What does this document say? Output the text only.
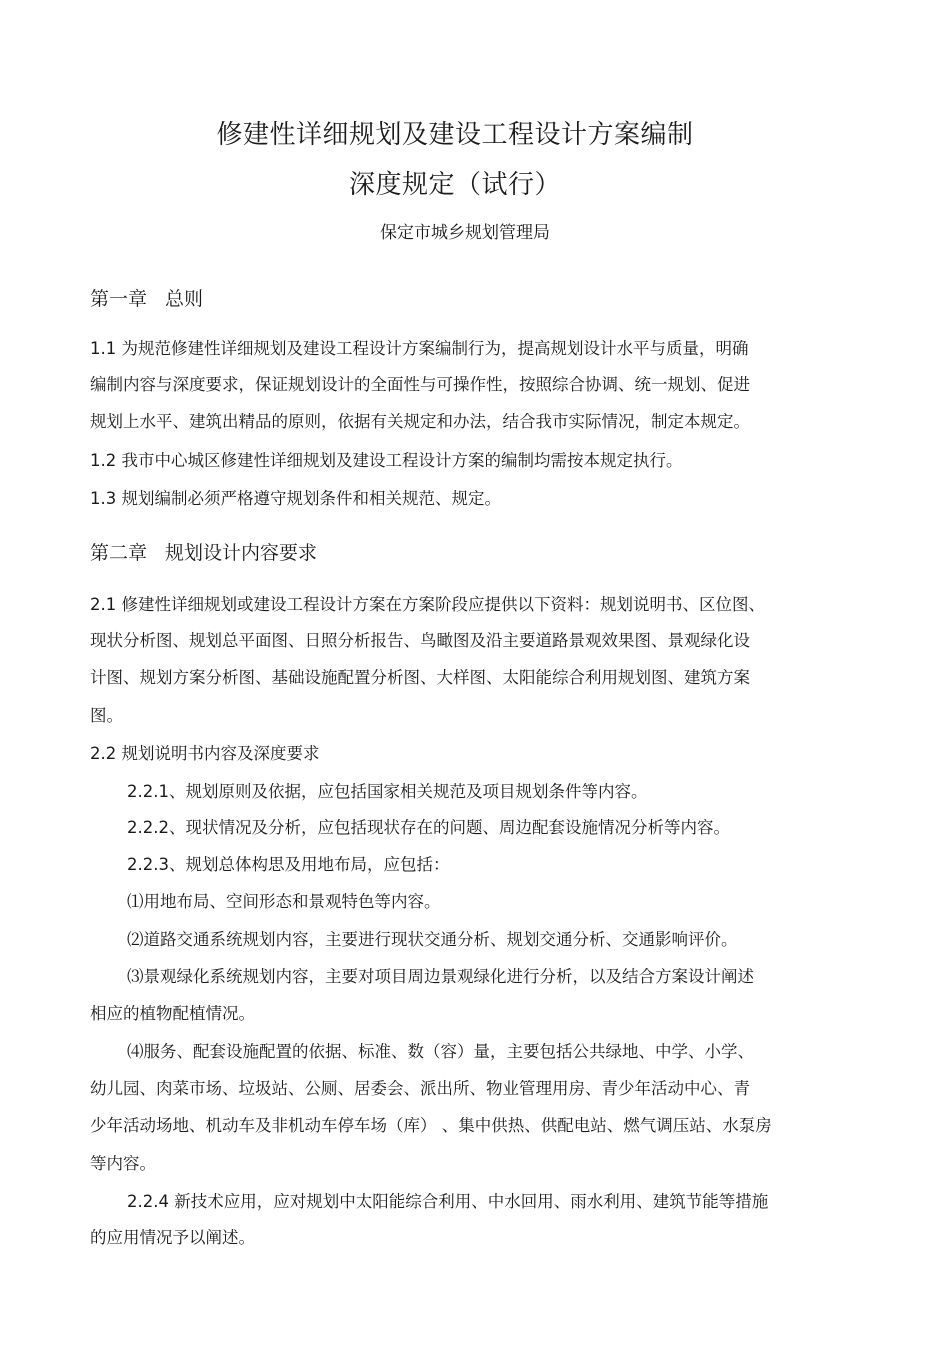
修建性详细规划及建设工程设计方案编制
深度规定（试行）
保定市城乡规划管理局
第一章 总则
1.1 为规范修建性详细规划及建设工程设计方案编制行为，提高规划设计水平与质量，明确
编制内容与深度要求，保证规划设计的全面性与可操作性，按照综合协调、统一规划、促进
规划上水平、建筑出精品的原则，依据有关规定和办法，结合我市实际情况，制定本规定。
1.2 我市中心城区修建性详细规划及建设工程设计方案的编制均需按本规定执行。
1.3 规划编制必须严格遵守规划条件和相关规范、规定。
第二章 规划设计内容要求
2.1 修建性详细规划或建设工程设计方案在方案阶段应提供以下资料：规划说明书、区位图、
现状分析图、规划总平面图、日照分析报告、鸟瞰图及沿主要道路景观效果图、景观绿化设
计图、规划方案分析图、基础设施配置分析图、大样图、太阳能综合利用规划图、建筑方案
图。
2.2 规划说明书内容及深度要求
2.2.1、规划原则及依据，应包括国家相关规范及项目规划条件等内容。
2.2.2、现状情况及分析，应包括现状存在的问题、周边配套设施情况分析等内容。
2.2.3、规划总体构思及用地布局，应包括：
⑴用地布局、空间形态和景观特色等内容。
⑵道路交通系统规划内容，主要进行现状交通分析、规划交通分析、交通影响评价。
⑶景观绿化系统规划内容，主要对项目周边景观绿化进行分析，以及结合方案设计阐述
相应的植物配植情况。
⑷服务、配套设施配置的依据、标准、数（容）量，主要包括公共绿地、中学、小学、
幼儿园、肉菜市场、垃圾站、公厕、居委会、派出所、物业管理用房、青少年活动中心、青
少年活动场地、机动车及非机动车停车场（库） 、集中供热、供配电站、燃气调压站、水泵房
等内容。
2.2.4 新技术应用，应对规划中太阳能综合利用、中水回用、雨水利用、建筑节能等措施
的应用情况予以阐述。
